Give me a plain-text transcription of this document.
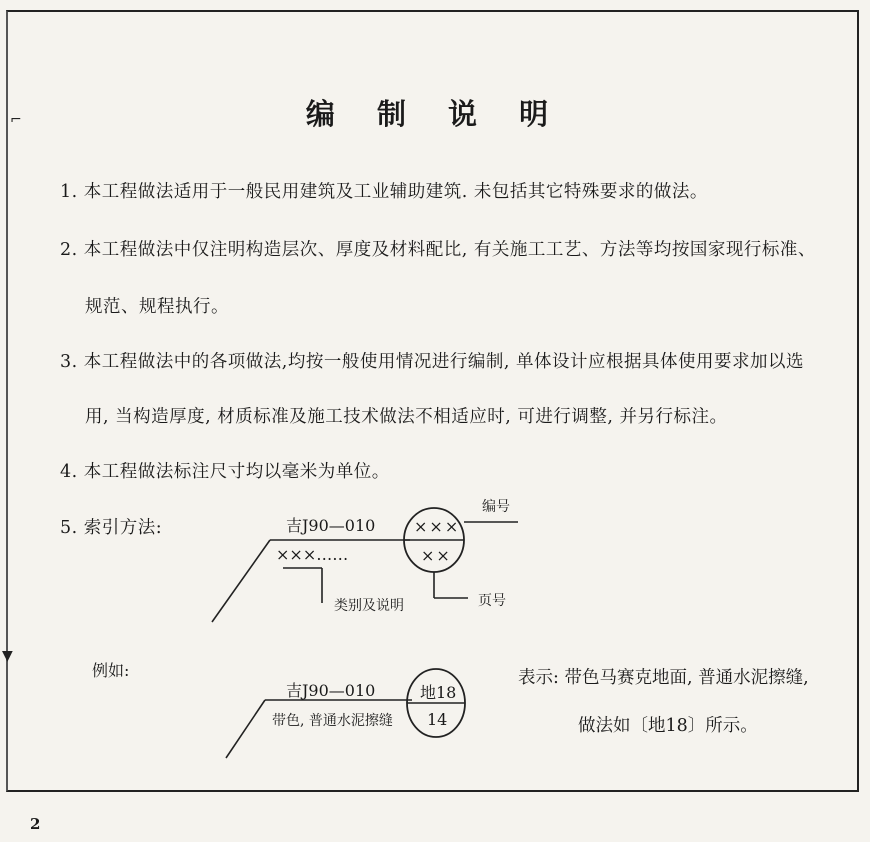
编 制 说 明
1. 本工程做法适用于一般民用建筑及工业辅助建筑. 未包括其它特殊要求的做法。
2. 本工程做法中仅注明构造层次、厚度及材料配比, 有关施工工艺、方法等均按国家现行标准、
规范、规程执行。
3. 本工程做法中的各项做法,均按一般使用情况进行编制, 单体设计应根据具体使用要求加以选
用, 当构造厚度, 材质标准及施工技术做法不相适应时, 可进行调整, 并另行标注。
4. 本工程做法标注尺寸均以毫米为单位。
5. 索引方法:	吉J90—010
×××……
类别及说明
×××
××
编号
页号
例如:
吉J90—010
带色, 普通水泥擦缝
地18
14
表示: 带色马赛克地面, 普通水泥擦缝,
做法如〔地18〕所示。
2
⌐
▼
